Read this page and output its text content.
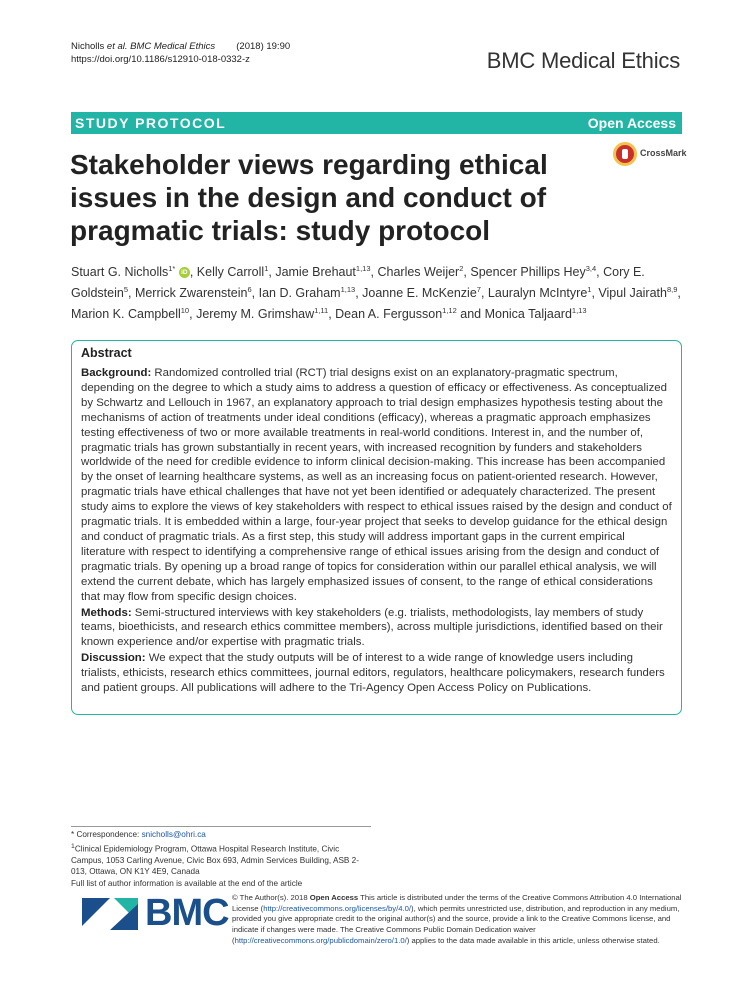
Nicholls et al. BMC Medical Ethics (2018) 19:90
https://doi.org/10.1186/s12910-018-0332-z	BMC Medical Ethics
STUDY PROTOCOL	Open Access
Stakeholder views regarding ethical issues in the design and conduct of pragmatic trials: study protocol
CrossMark
Stuart G. Nicholls$^{1*}$ iD , Kelly Carroll$^1$, Jamie Brehaut$^{1,13}$, Charles Weijer$^2$, Spencer Phillips Hey$^{3,4}$, Cory E. Goldstein$^5$, Merrick Zwarenstein$^6$, Ian D. Graham$^{1,13}$, Joanne E. McKenzie$^7$, Lauralyn McIntyre$^1$, Vipul Jairath$^{8,9}$, Marion K. Campbell$^{10}$, Jeremy M. Grimshaw$^{1,11}$, Dean A. Fergusson$^{1,12}$ and Monica Taljaard$^{1,13}$
Abstract

Background: Randomized controlled trial (RCT) trial designs exist on an explanatory-pragmatic spectrum, depending on the degree to which a study aims to address a question of efficacy or effectiveness. As conceptualized by Schwartz and Lellouch in 1967, an explanatory approach to trial design emphasizes hypothesis testing about the mechanisms of action of treatments under ideal conditions (efficacy), whereas a pragmatic approach emphasizes testing effectiveness of two or more available treatments in real-world conditions. Interest in, and the number of, pragmatic trials has grown substantially in recent years, with increased recognition by funders and stakeholders worldwide of the need for credible evidence to inform clinical decision-making. This increase has been accompanied by the onset of learning healthcare systems, as well as an increasing focus on patient-oriented research. However, pragmatic trials have ethical challenges that have not yet been identified or adequately characterized. The present study aims to explore the views of key stakeholders with respect to ethical issues raised by the design and conduct of pragmatic trials. It is embedded within a large, four-year project that seeks to develop guidance for the ethical design and conduct of pragmatic trials. As a first step, this study will address important gaps in the current empirical literature with respect to identifying a comprehensive range of ethical issues arising from the design and conduct of pragmatic trials. By opening up a broad range of topics for consideration within our parallel ethical analysis, we will extend the current debate, which has largely emphasized issues of consent, to the range of ethical considerations that may flow from specific design choices.

Methods: Semi-structured interviews with key stakeholders (e.g. trialists, methodologists, lay members of study teams, bioethicists, and research ethics committee members), across multiple jurisdictions, identified based on their known experience and/or expertise with pragmatic trials.

Discussion: We expect that the study outputs will be of interest to a wide range of knowledge users including trialists, ethicists, research ethics committees, journal editors, regulators, healthcare policymakers, research funders and patient groups. All publications will adhere to the Tri-Agency Open Access Policy on Publications.

* Correspondence: snicholls@ohri.ca
$^1$Clinical Epidemiology Program, Ottawa Hospital Research Institute, Civic Campus, 1053 Carling Avenue, Civic Box 693, Admin Services Building, ASB 2-013, Ottawa, ON K1Y 4E9, Canada
Full list of author information is available at the end of the article
BMC © The Author(s). 2018 Open Access This article is distributed under the terms of the Creative Commons Attribution 4.0 International License (http://creativecommons.org/licenses/by/4.0/), which permits unrestricted use, distribution, and reproduction in any medium, provided you give appropriate credit to the original author(s) and the source, provide a link to the Creative Commons license, and indicate if changes were made. The Creative Commons Public Domain Dedication waiver (http://creativecommons.org/publicdomain/zero/1.0/) applies to the data made available in this article, unless otherwise stated.
